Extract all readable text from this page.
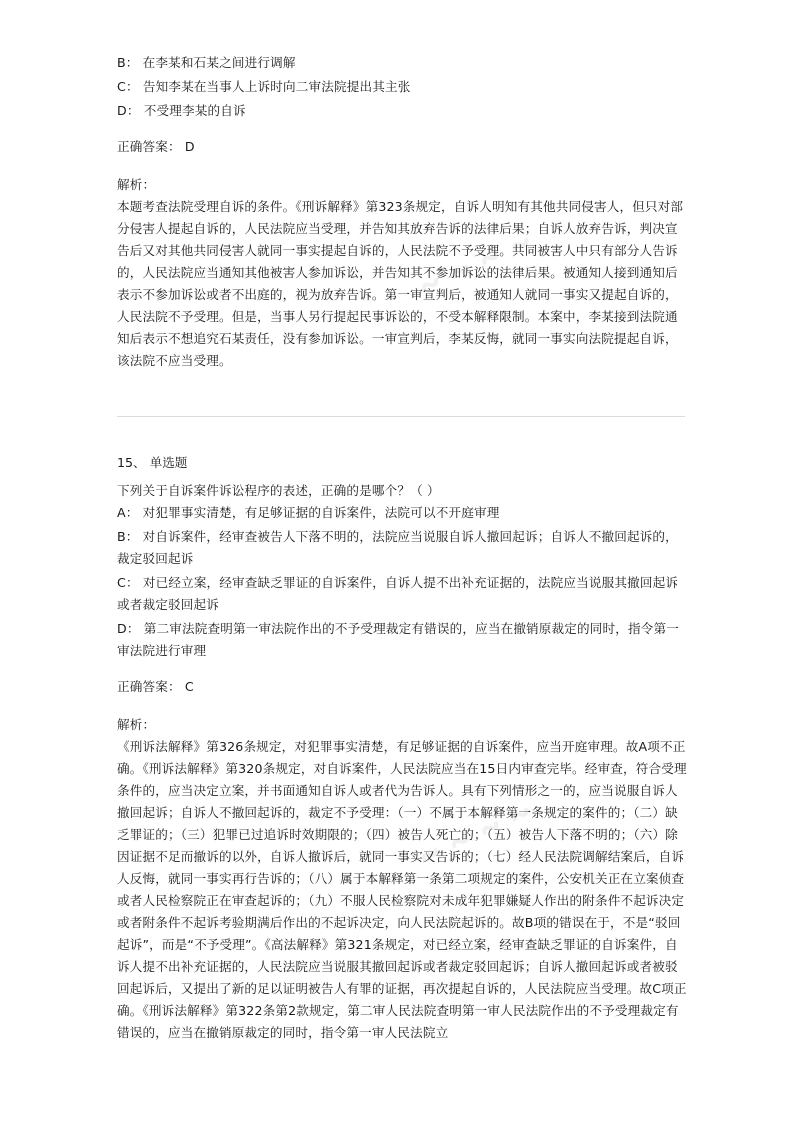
˜˜˜˜
˜˜˜˜

B： 在李某和石某之间进行调解

C： 告知李某在当事人上诉时向二审法院提出其主张

D： 不受理李某的自诉

正确答案： D

解析：

本题考查法院受理自诉的条件。《刑诉解释》第323条规定，自诉人明知有其他共同侵害人，但只对部分侵害人提起自诉的，人民法院应当受理，并告知其放弃告诉的法律后果；自诉人放弃告诉，判决宣告后又对其他共同侵害人就同一事实提起自诉的，人民法院不予受理。共同被害人中只有部分人告诉的，人民法院应当通知其他被害人参加诉讼，并告知其不参加诉讼的法律后果。被通知人接到通知后表示不参加诉讼或者不出庭的，视为放弃告诉。第一审宣判后，被通知人就同一事实又提起自诉的，人民法院不予受理。但是，当事人另行提起民事诉讼的，不受本解释限制。本案中，李某接到法院通知后表示不想追究石某责任，没有参加诉讼。一审宣判后，李某反悔，就同一事实向法院提起自诉，该法院不应当受理。

15、 单选题

下列关于自诉案件诉讼程序的表述，正确的是哪个？（ ）

A： 对犯罪事实清楚，有足够证据的自诉案件，法院可以不开庭审理

B： 对自诉案件，经审查被告人下落不明的，法院应当说服自诉人撤回起诉；自诉人不撤回起诉的，裁定驳回起诉

C： 对已经立案，经审查缺乏罪证的自诉案件，自诉人提不出补充证据的，法院应当说服其撤回起诉或者裁定驳回起诉

D： 第二审法院查明第一审法院作出的不予受理裁定有错误的，应当在撤销原裁定的同时，指令第一审法院进行审理

正确答案： C

解析：

《刑诉法解释》第326条规定，对犯罪事实清楚，有足够证据的自诉案件，应当开庭审理。故A项不正确。《刑诉法解释》第320条规定，对自诉案件，人民法院应当在15日内审查完毕。经审查，符合受理条件的，应当决定立案，并书面通知自诉人或者代为告诉人。具有下列情形之一的，应当说服自诉人撤回起诉；自诉人不撤回起诉的，裁定不予受理：（一）不属于本解释第一条规定的案件的；（二）缺乏罪证的；（三）犯罪已过追诉时效期限的；（四）被告人死亡的；（五）被告人下落不明的；（六）除因证据不足而撤诉的以外，自诉人撤诉后，就同一事实又告诉的；（七）经人民法院调解结案后，自诉人反悔，就同一事实再行告诉的；（八）属于本解释第一条第二项规定的案件，公安机关正在立案侦查或者人民检察院正在审查起诉的；（九）不服人民检察院对未成年犯罪嫌疑人作出的附条件不起诉决定或者附条件不起诉考验期满后作出的不起诉决定，向人民法院起诉的。故B项的错误在于，不是“驳回起诉”，而是“不予受理”。《高法解释》第321条规定，对已经立案，经审查缺乏罪证的自诉案件，自诉人提不出补充证据的，人民法院应当说服其撤回起诉或者裁定驳回起诉；自诉人撤回起诉或者被驳回起诉后，又提出了新的足以证明被告人有罪的证据，再次提起自诉的，人民法院应当受理。故C项正确。《刑诉法解释》第322条第2款规定，第二审人民法院查明第一审人民法院作出的不予受理裁定有错误的，应当在撤销原裁定的同时，指令第一审人民法院立
